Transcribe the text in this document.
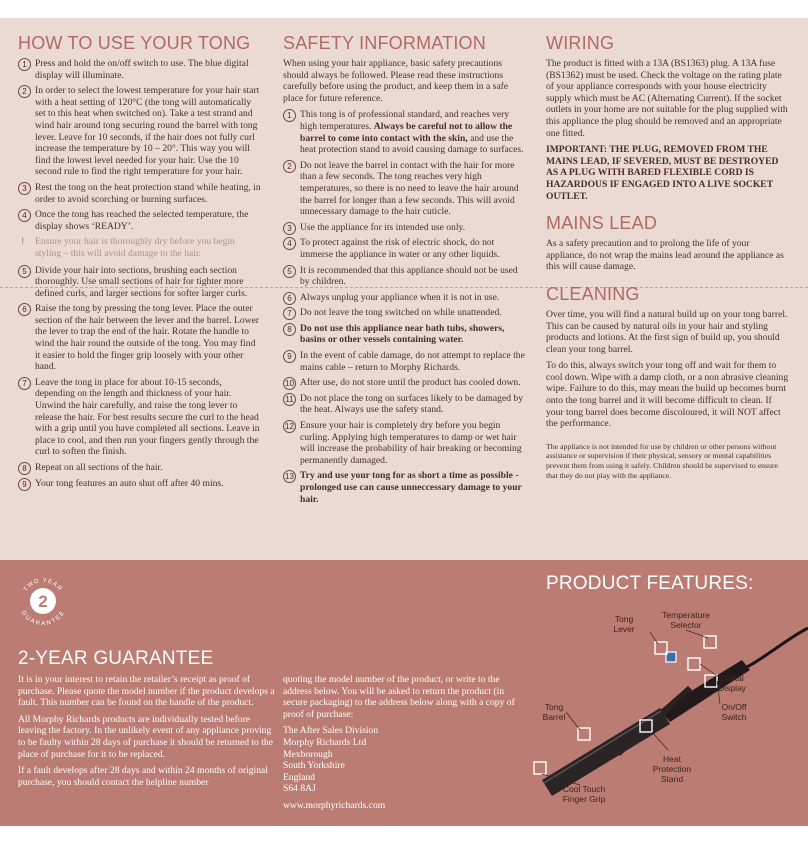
HOW TO USE YOUR TONG
1 Press and hold the on/off switch to use. The blue digital display will illuminate.
2 In order to select the lowest temperature for your hair start with a heat setting of 120°C (the tong will automatically set to this heat when switched on). Take a test strand and wind hair around tong securing round the barrel with tong lever. Leave for 10 seconds, if the hair does not fully curl increase the temperature by 10 – 20°. This way you will find the lowest level needed for your hair. Use the 10 second rule to find the right temperature for your hair.
3 Rest the tong on the heat protection stand while heating, in order to avoid scorching or burning surfaces.
4 Once the tong has reached the selected temperature, the display shows ‘READY’.
! Ensure your hair is thoroughly dry before you begin styling – this will avoid damage to the hair.
5 Divide your hair into sections, brushing each section thoroughly. Use small sections of hair for tighter more defined curls, and larger sections for softer larger curls.
6 Raise the tong by pressing the tong lever. Place the outer section of the hair between the lever and the barrel. Lower the lever to trap the end of the hair. Rotate the handle to wind the hair round the outside of the tong. You may find it easier to hold the finger grip loosely with your other hand.
7 Leave the tong in place for about 10-15 seconds, depending on the length and thickness of your hair. Unwind the hair carefully, and raise the tong lever to release the hair. For best results secure the curl to the head with a grip until you have completed all sections. Leave in place to cool, and then run your fingers gently through the curl to soften the finish.
8 Repeat on all sections of the hair.
9 Your tong features an auto shut off after 40 mins.
SAFETY INFORMATION

When using your hair appliance, basic safety precautions should always be followed. Please read these instructions carefully before using the product, and keep them in a safe place for future reference.

1 This tong is of professional standard, and reaches very high temperatures. Always be careful not to allow the barrel to come into contact with the skin, and use the heat protection stand to avoid causing damage to surfaces.
2 Do not leave the barrel in contact with the hair for more than a few seconds. The tong reaches very high temperatures, so there is no need to leave the hair around the barrel for longer than a few seconds. This will avoid unnecessary damage to the hair cuticle.
3 Use the appliance for its intended use only.
4 To protect against the risk of electric shock, do not immerse the appliance in water or any other liquids.
5 It is recommended that this appliance should not be used by children.
6 Always unplug your appliance when it is not in use.
7 Do not leave the tong switched on while unattended.
8 Do not use this appliance near bath tubs, showers, basins or other vessels containing water.
9 In the event of cable damage, do not attempt to replace the mains cable – return to Morphy Richards.
10 After use, do not store until the product has cooled down.
11 Do not place the tong on surfaces likely to be damaged by the heat. Always use the safety stand.
12 Ensure your hair is completely dry before you begin curling. Applying high temperatures to damp or wet hair will increase the probability of hair breaking or becoming permanently damaged.
13 Try and use your tong for as short a time as possible - prolonged use can cause unneccessary damage to your hair.
WIRING

The product is fitted with a 13A (BS1363) plug. A 13A fuse (BS1362) must be used. Check the voltage on the rating plate of your appliance corresponds with your house electricity supply which must be AC (Alternating Current). If the socket outlets in your home are not suitable for the plug supplied with this appliance the plug should be removed and an appropriate one fitted.

IMPORTANT: THE PLUG, REMOVED FROM THE MAINS LEAD, IF SEVERED, MUST BE DESTROYED AS A PLUG WITH BARED FLEXIBLE CORD IS HAZARDOUS IF ENGAGED INTO A LIVE SOCKET OUTLET.

MAINS LEAD

As a safety precaution and to prolong the life of your appliance, do not wrap the mains lead around the appliance as this will cause damage.

CLEANING

Over time, you will find a natural build up on your tong barrel. This can be caused by natural oils in your hair and styling products and lotions. At the first sign of build up, you should clean your tong barrel.

To do this, always switch your tong off and wait for them to cool down. Wipe with a damp cloth, or a non abrasive cleaning wipe. Failure to do this, may mean the build up becomes burnt onto the tong barrel and it will become difficult to clean. If your tong barrel does become discoloured, it will NOT affect the performance.

The appliance is not intended for use by children or other persons without assistance or supervision if their physical, sensory or mental capabilities prevent them from using it safely. Children should be supervised to ensure that they do not play with the appliance.

2
TWO YEAR
GUARANTEE
2-YEAR GUARANTEE

It is in your interest to retain the retailer’s receipt as proof of purchase. Please quote the model number if the product develops a fault. This number can be found on the handle of the product.

All Morphy Richards products are individually tested before leaving the factory. In the unlikely event of any appliance proving to be faulty within 28 days of purchase it should be returned to the place of purchase for it to be replaced.

If a fault develops after 28 days and within 24 months of original purchase, you should contact the helpline number

quoting the model number of the product, or write to the address below. You will be asked to return the product (in secure packaging) to the address below along with a copy of proof of purchase:

The After Sales Division

Morphy Richards Ltd

Mexborough

South Yorkshire

England

S64 8AJ

www.morphyrichards.com

PRODUCT FEATURES:
Tong Lever
Temperature Selector
Digital Display
On/Off Switch
Heat Protection Stand
Tong Barrel
Cool Touch Finger Grip
